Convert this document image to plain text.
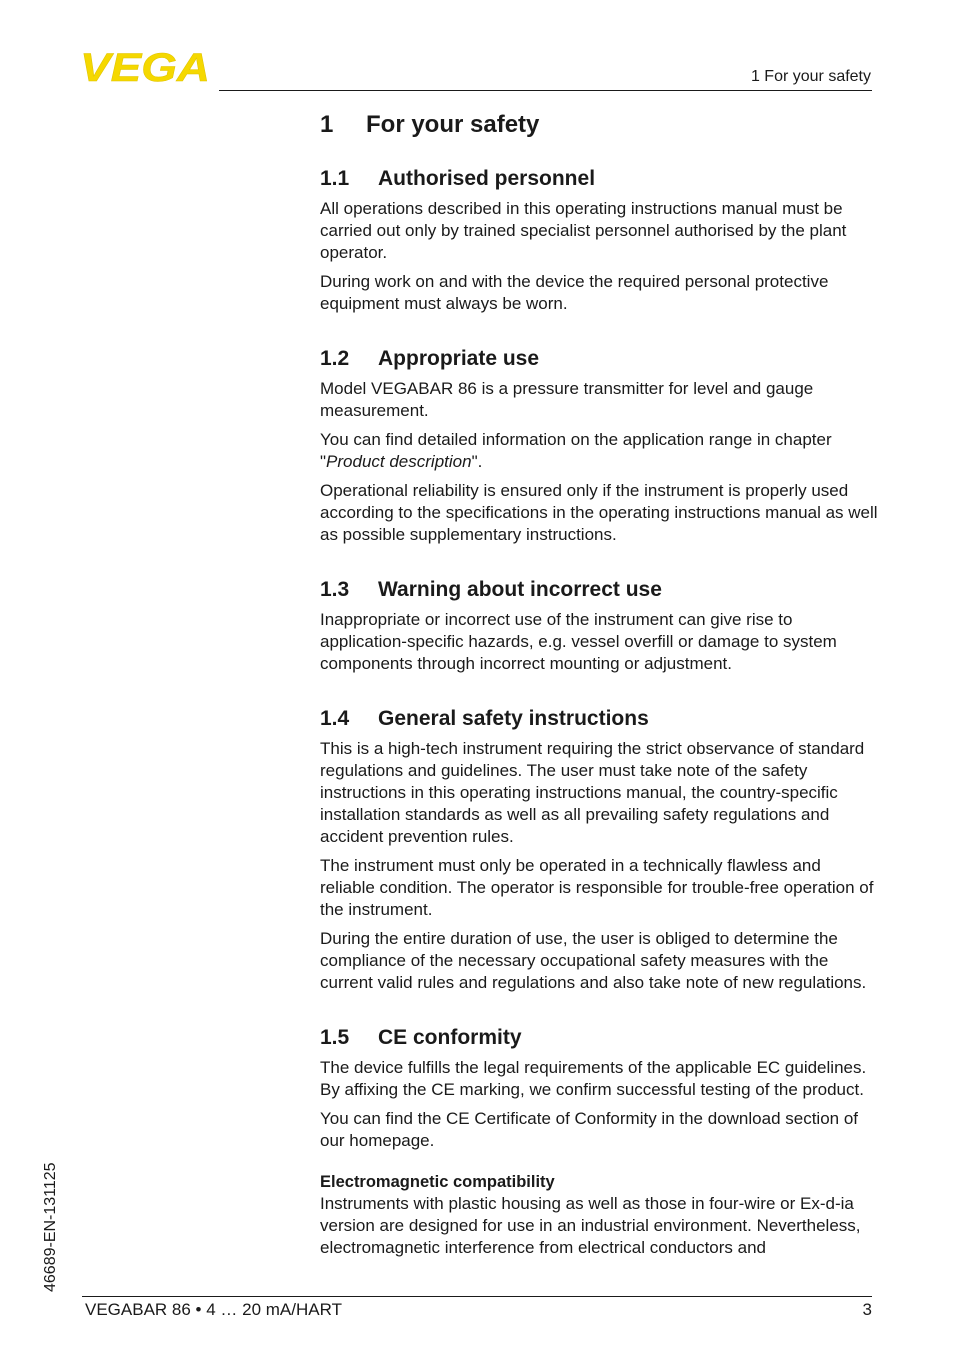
VEGA	1 For your safety
1 For your safety
1.1 Authorised personnel

All operations described in this operating instructions manual must be carried out only by trained specialist personnel authorised by the plant operator.

During work on and with the device the required personal protective equipment must always be worn.

1.2 Appropriate use

Model VEGABAR 86 is a pressure transmitter for level and gauge measurement.

You can find detailed information on the application range in chapter "Product description".

Operational reliability is ensured only if the instrument is properly used according to the specifications in the operating instructions manual as well as possible supplementary instructions.

1.3 Warning about incorrect use

Inappropriate or incorrect use of the instrument can give rise to application-specific hazards, e.g. vessel overfill or damage to system components through incorrect mounting or adjustment.

1.4 General safety instructions

This is a high-tech instrument requiring the strict observance of standard regulations and guidelines. The user must take note of the safety instructions in this operating instructions manual, the country-specific installation standards as well as all prevailing safety regulations and accident prevention rules.

The instrument must only be operated in a technically flawless and reliable condition. The operator is responsible for trouble-free operation of the instrument.

During the entire duration of use, the user is obliged to determine the compliance of the necessary occupational safety measures with the current valid rules and regulations and also take note of new regulations.

1.5 CE conformity

The device fulfills the legal requirements of the applicable EC guidelines. By affixing the CE marking, we confirm successful testing of the product.

You can find the CE Certificate of Conformity in the download section of our homepage.

Electromagnetic compatibility

Instruments with plastic housing as well as those in four-wire or Ex-d-ia version are designed for use in an industrial environment. Nevertheless, electromagnetic interference from electrical conductors and

46689-EN-131125
VEGABAR 86 • 4 … 20 mA/HART	3
